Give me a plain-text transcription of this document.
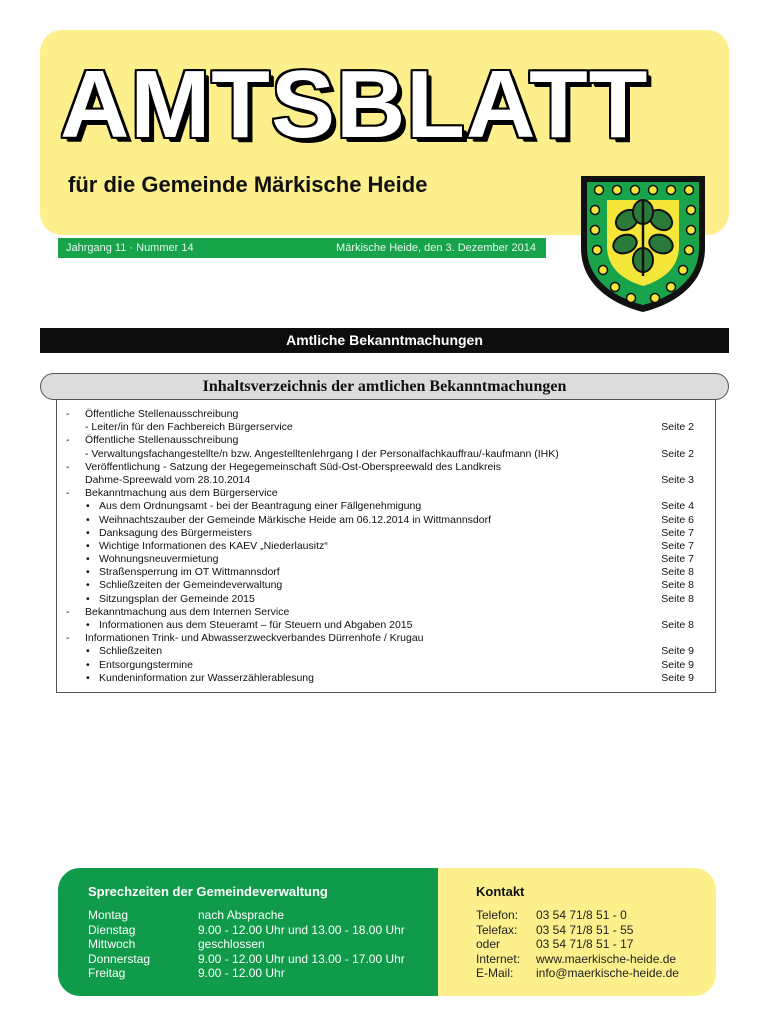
AMTSBLATT
für die Gemeinde Märkische Heide
Jahrgang 11 · Nummer 14	Märkische Heide, den 3. Dezember 2014
Amtliche Bekanntmachungen
Inhaltsverzeichnis der amtlichen Bekanntmachungen
-	Öffentliche Stellenausschreibung
- Leiter/in für den Fachbereich Bürgerservice	Seite 2
-	Öffentliche Stellenausschreibung
- Verwaltungsfachangestellte/n bzw. Angestelltenlehrgang I der Personalfachkauffrau/-kaufmann (IHK)	Seite 2
-	Veröffentlichung - Satzung der Hegegemeinschaft Süd-Ost-Oberspreewald des Landkreis
Dahme-Spreewald vom 28.10.2014	Seite 3
-	Bekanntmachung aus dem Bürgerservice
• Aus dem Ordnungsamt - bei der Beantragung einer Fällgenehmigung	Seite 4
• Weihnachtszauber der Gemeinde Märkische Heide am 06.12.2014 in Wittmannsdorf	Seite 6
• Danksagung des Bürgermeisters	Seite 7
• Wichtige Informationen des KAEV „Niederlausitz“	Seite 7
• Wohnungsneuvermietung	Seite 7
• Straßensperrung im OT Wittmannsdorf	Seite 8
• Schließzeiten der Gemeindeverwaltung	Seite 8
• Sitzungsplan der Gemeinde 2015	Seite 8
-	Bekanntmachung aus dem Internen Service
• Informationen aus dem Steueramt – für Steuern und Abgaben 2015	Seite 8
-	Informationen Trink- und Abwasserzweckverbandes Dürrenhofe / Krugau
• Schließzeiten	Seite 9
• Entsorgungstermine	Seite 9
• Kundeninformation zur Wasserzählerablesung	Seite 9
Sprechzeiten der Gemeindeverwaltung
Montag	nach Absprache
Dienstag	9.00 - 12.00 Uhr und 13.00 - 18.00 Uhr
Mittwoch	geschlossen
Donnerstag	9.00 - 12.00 Uhr und 13.00 - 17.00 Uhr
Freitag	9.00 - 12.00 Uhr
Kontakt
Telefon: 03 54 71/8 51 - 0
Telefax: 03 54 71/8 51 - 55
oder	03 54 71/8 51 - 17
Internet: www.maerkische-heide.de
E-Mail: info@maerkische-heide.de
